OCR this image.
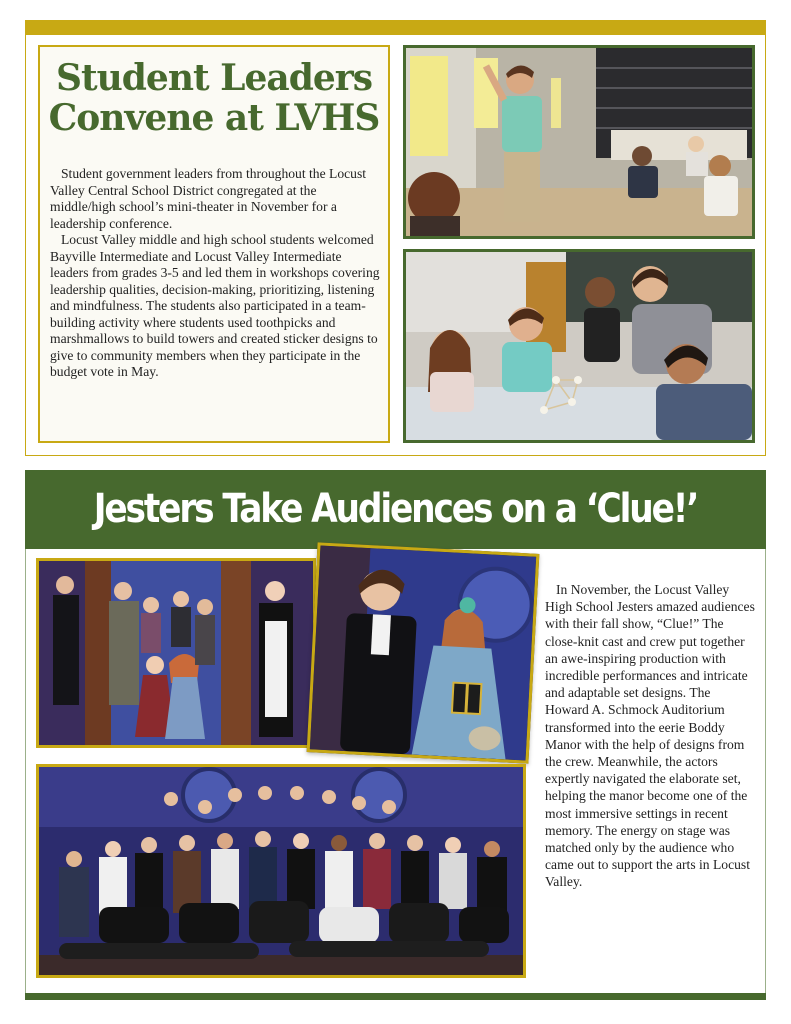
Student Leaders
Convene at LVHS

Student government leaders from throughout the Locust Valley Central School District congregated at the middle/high school’s mini-theater in November for a leadership conference.

Locust Valley middle and high school students welcomed Bayville Intermediate and Locust Valley Intermediate leaders from grades 3-5 and led them in workshops covering leadership qualities, decision-making, prioritizing, listening and mindfulness. The students also participated in a team-building activity where students used toothpicks and marshmallows to build towers and created sticker designs to give to community members when they participate in the budget vote in May.

Jesters Take Audiences on a ‘Clue!’

In November, the Locust Valley High School Jesters amazed audiences with their fall show, “Clue!” The close-knit cast and crew put together an awe-inspiring production with incredible performances and intricate and adaptable set designs. The Howard A. Schmock Auditorium transformed into the eerie Boddy Manor with the help of designs from the crew. Meanwhile, the actors expertly navigated the elaborate set, helping the manor become one of the most immersive settings in recent memory. The energy on stage was matched only by the audience who came out to support the arts in Locust Valley.
